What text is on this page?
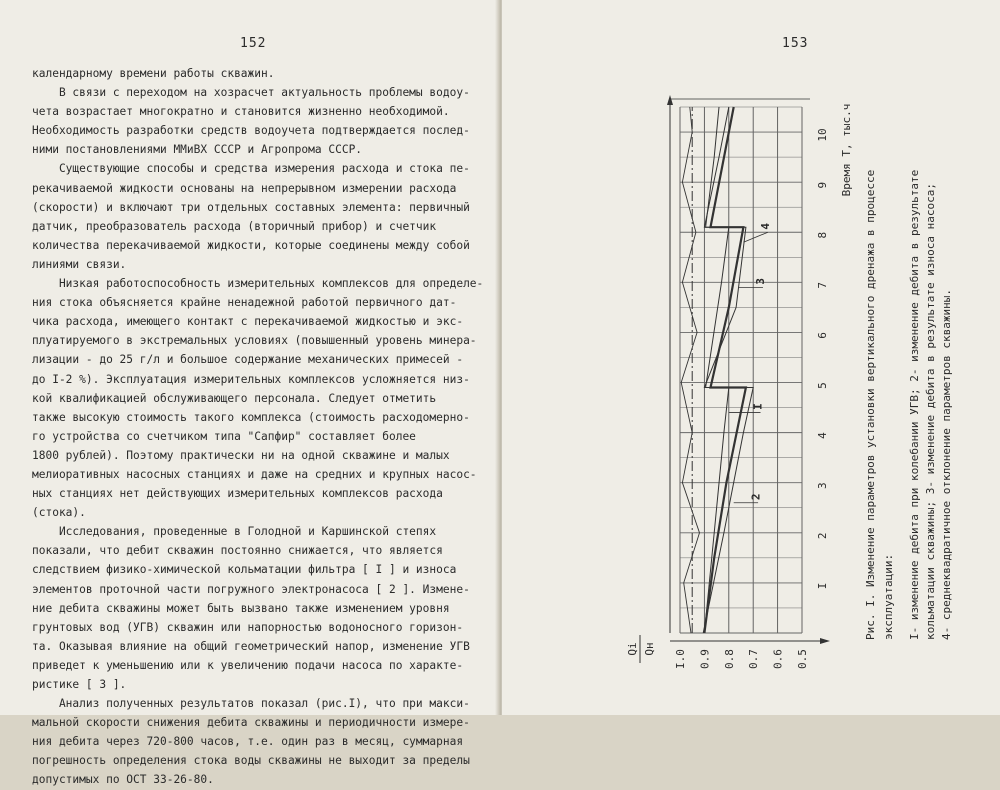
152
календарному времени работы скважин.
В связи с переходом на хозрасчет актуальность проблемы водоу-
чета возрастает многократно и становится жизненно необходимой.
Необходимость разработки средств водоучета подтверждается послед-
ними постановлениями ММиВХ СССР и Агропрома СССР.
Существующие способы и средства измерения расхода и стока пе-
рекачиваемой жидкости основаны на непрерывном измерении расхода
(скорости) и включают три отдельных составных элемента: первичный
датчик, преобразователь расхода (вторичный прибор) и счетчик
количества перекачиваемой жидкости, которые соединены между собой
линиями связи.
Низкая работоспособность измерительных комплексов для определе-
ния стока объясняется крайне ненадежной работой первичного дат-
чика расхода, имеющего контакт с перекачиваемой жидкостью и экс-
плуатируемого в экстремальных условиях (повышенный уровень минера-
лизации - до 25 г/л и большое содержание механических примесей -
до I-2 %). Эксплуатация измерительных комплексов усложняется низ-
кой квалификацией обслуживающего персонала. Следует отметить
также высокую стоимость такого комплекса (стоимость расходомерно-
го устройства со счетчиком типа "Сапфир" составляет более
1800 рублей). Поэтому практически ни на одной скважине и малых
мелиоративных насосных станциях и даже на средних и крупных насос-
ных станциях нет действующих измерительных комплексов расхода
(стока).
Исследования, проведенные в Голодной и Каршинской степях
показали, что дебит скважин постоянно снижается, что является
следствием физико-химической кольматации фильтра [ I ] и износа
элементов проточной части погружного электронасоса [ 2 ]. Измене-
ние дебита скважины может быть вызвано также изменением уровня
грунтовых вод (УГВ) скважин или напорностью водоносного горизон-
та. Оказывая влияние на общий геометрический напор, изменение УГВ
приведет к уменьшению или к увеличению подачи насоса по характе-
ристике [ 3 ].
Анализ полученных результатов показал (рис.I), что при макси-
мальной скорости снижения дебита скважины и периодичности измере-
ния дебита через 720-800 часов, т.е. один раз в месяц, суммарная
погрешность определения стока воды скважины не выходит за пределы
допустимых по ОСТ 33-26-80.
153
I.0 0.9 0.8 0.7 0.6 0.5
I
2
3
4
5
6
7
8
9
10
Qi Qн
Время Т, тыс.ч
I
2
3
4	Рис. I. Изменение параметров установки вертикального дренажа в процессе эксплуатации: I- изменение дебита при колебании УГВ; 2- изменение дебита в результате кольматации скважины; 3- изменение дебита в результате износа насоса; 4- среднеквадратичное отклонение параметров скважины.
